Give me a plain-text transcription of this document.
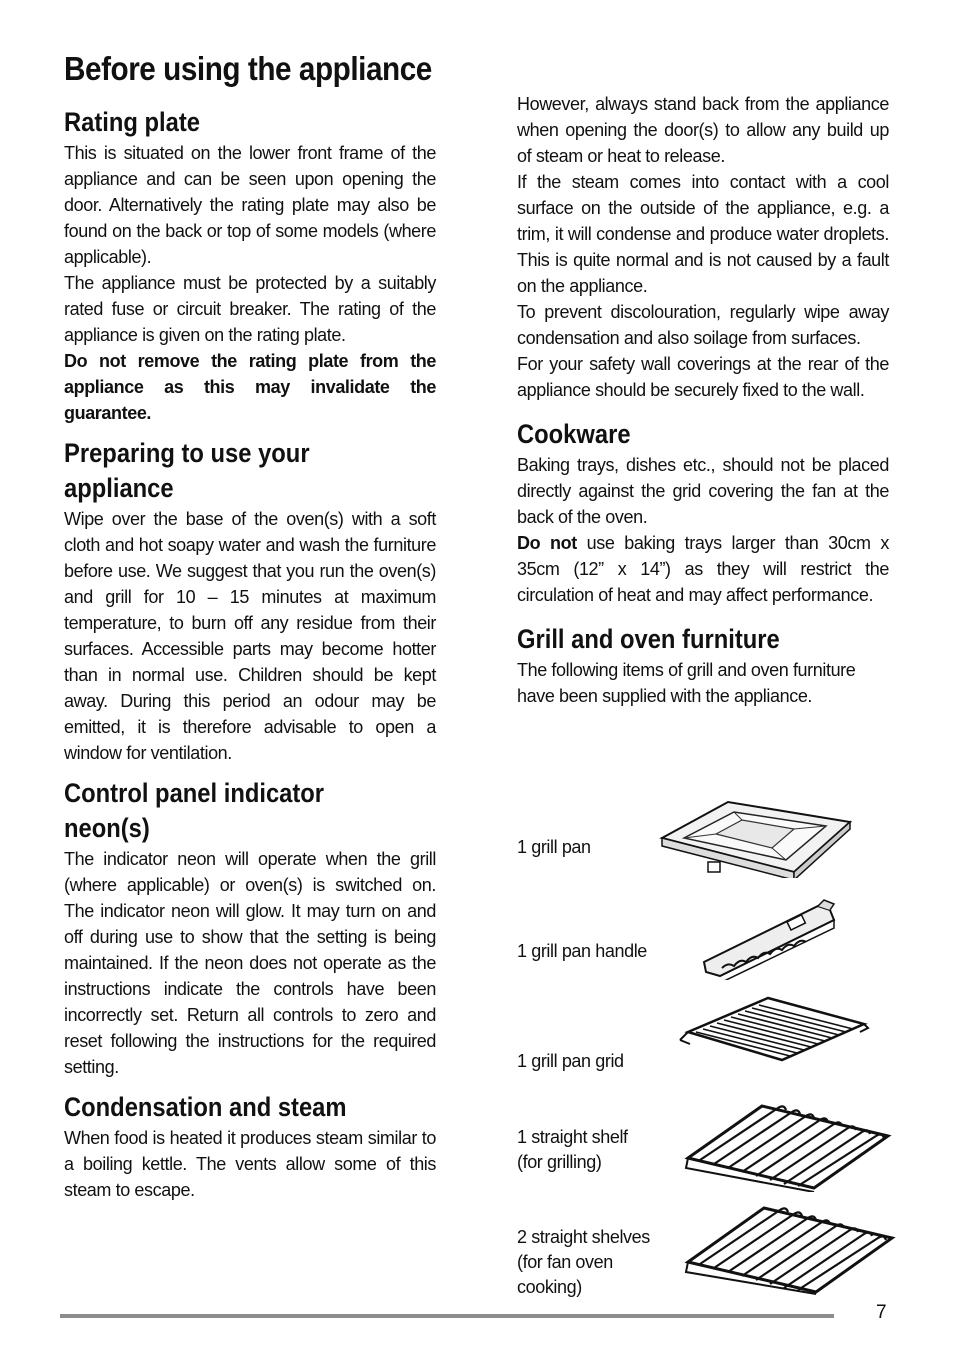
Before using the appliance
Rating plate

This is situated on the lower front frame of the appliance and can be seen upon opening the door. Alternatively the rating plate may also be found on the back or top of some models (where applicable).

The appliance must be protected by a suitably rated fuse or circuit breaker. The rating of the appliance is given on the rating plate.

Do not remove the rating plate from the appliance as this may invalidate the guarantee.

Preparing to use your
appliance

Wipe over the base of the oven(s) with a soft cloth and hot soapy water and wash the furniture before use. We suggest that you run the oven(s) and grill for 10 – 15 minutes at maximum temperature, to burn off any residue from their surfaces. Accessible parts may become hotter than in normal use. Children should be kept away. During this period an odour may be emitted, it is therefore advisable to open a window for ventilation.

Control panel indicator
neon(s)

The indicator neon will operate when the grill (where applicable) or oven(s) is switched on. The indicator neon will glow. It may turn on and off during use to show that the setting is being maintained. If the neon does not operate as the instructions indicate the controls have been incorrectly set. Return all controls to zero and reset following the instructions for the required setting.

Condensation and steam

When food is heated it produces steam similar to a boiling kettle. The vents allow some of this steam to escape.

However, always stand back from the appliance when opening the door(s) to allow any build up of steam or heat to release.

If the steam comes into contact with a cool surface on the outside of the appliance, e.g. a trim, it will condense and produce water droplets. This is quite normal and is not caused by a fault on the appliance.

To prevent discolouration, regularly wipe away condensation and also soilage from surfaces.

For your safety wall coverings at the rear of the appliance should be securely fixed to the wall.

Cookware

Baking trays, dishes etc., should not be placed directly against the grid covering the fan at the back of the oven.

Do not use baking trays larger than 30cm x 35cm (12” x 14”) as they will restrict the circulation of heat and may affect performance.

Grill and oven furniture

The following items of grill and oven furniture have been supplied with the appliance.

1 grill pan
1 grill pan handle
1 grill pan grid
1 straight shelf
(for grilling)
2 straight shelves
(for fan oven
cooking)
7
